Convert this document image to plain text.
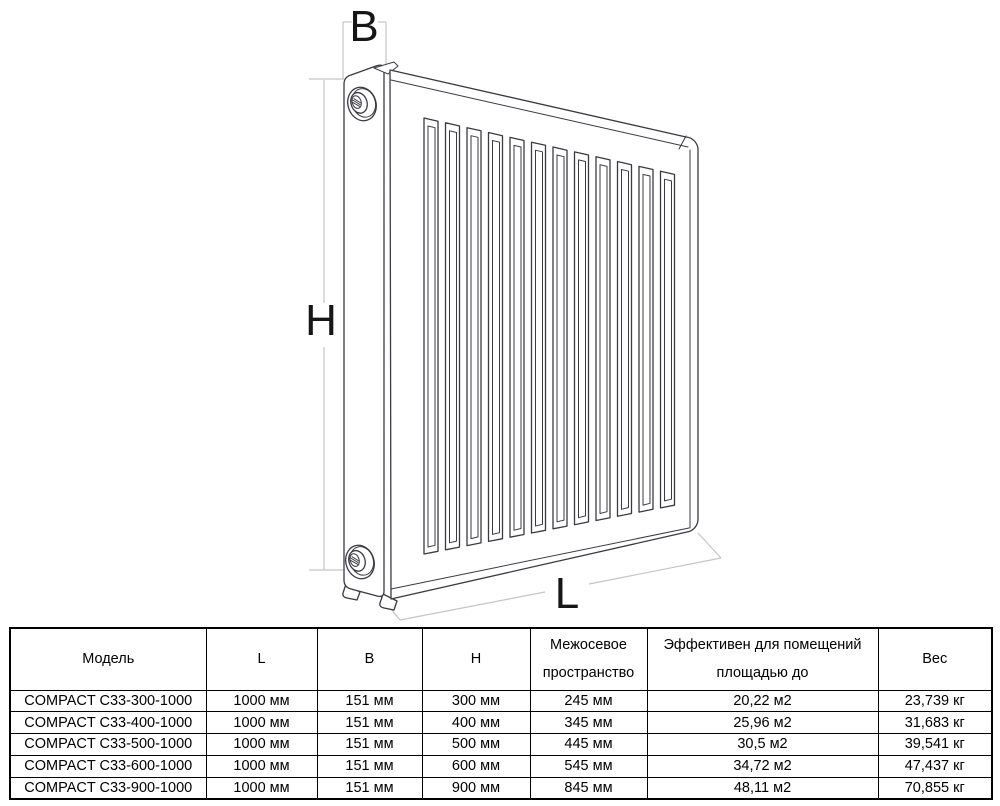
B
H
L
Модель	L	B	H	Межосевое пространство	Эффективен для помещений площадью до	Вес
COMPACT C33-300-1000	1000 мм	151 мм	300 мм	245 мм	20,22 м2	23,739 кг
COMPACT C33-400-1000	1000 мм	151 мм	400 мм	345 мм	25,96 м2	31,683 кг
COMPACT C33-500-1000	1000 мм	151 мм	500 мм	445 мм	30,5 м2	39,541 кг
COMPACT C33-600-1000	1000 мм	151 мм	600 мм	545 мм	34,72 м2	47,437 кг
COMPACT C33-900-1000	1000 мм	151 мм	900 мм	845 мм	48,11 м2	70,855 кг
